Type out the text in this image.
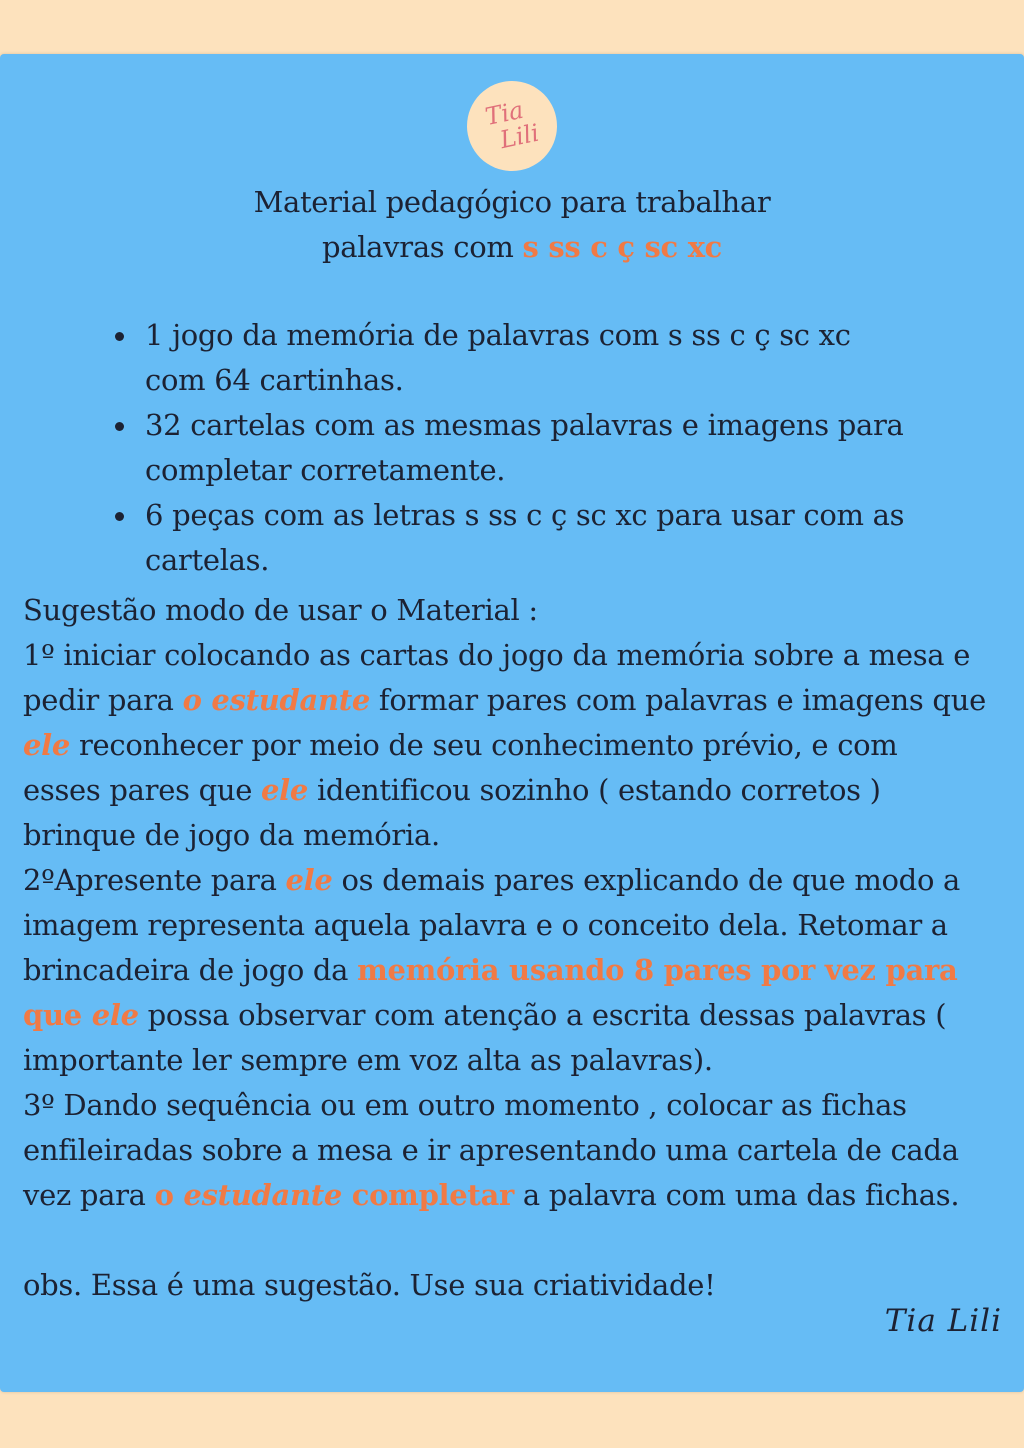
Tia
Lili
Material pedagógico para trabalhar
palavras com s ss c ç sc xc
1 jogo da memória de palavras com s ss c ç sc xc
com 64 cartinhas.
32 cartelas com as mesmas palavras e imagens para
completar corretamente.
6 peças com as letras s ss c ç sc xc para usar com as
cartelas.

Sugestão modo de usar o Material :

1º iniciar colocando as cartas do jogo da memória sobre a mesa e

pedir para o estudante formar pares com palavras e imagens que

ele reconhecer por meio de seu conhecimento prévio, e com

esses pares que ele identificou sozinho ( estando corretos )

brinque de jogo da memória.

2ºApresente para ele os demais pares explicando de que modo a

imagem representa aquela palavra e o conceito dela. Retomar a

brincadeira de jogo da memória usando 8 pares por vez para

que ele possa observar com atenção a escrita dessas palavras (

importante ler sempre em voz alta as palavras).

3º Dando sequência ou em outro momento , colocar as fichas

enfileiradas sobre a mesa e ir apresentando uma cartela de cada

vez para o estudante completar a palavra com uma das fichas.

obs. Essa é uma sugestão. Use sua criatividade!

Tia Lili
